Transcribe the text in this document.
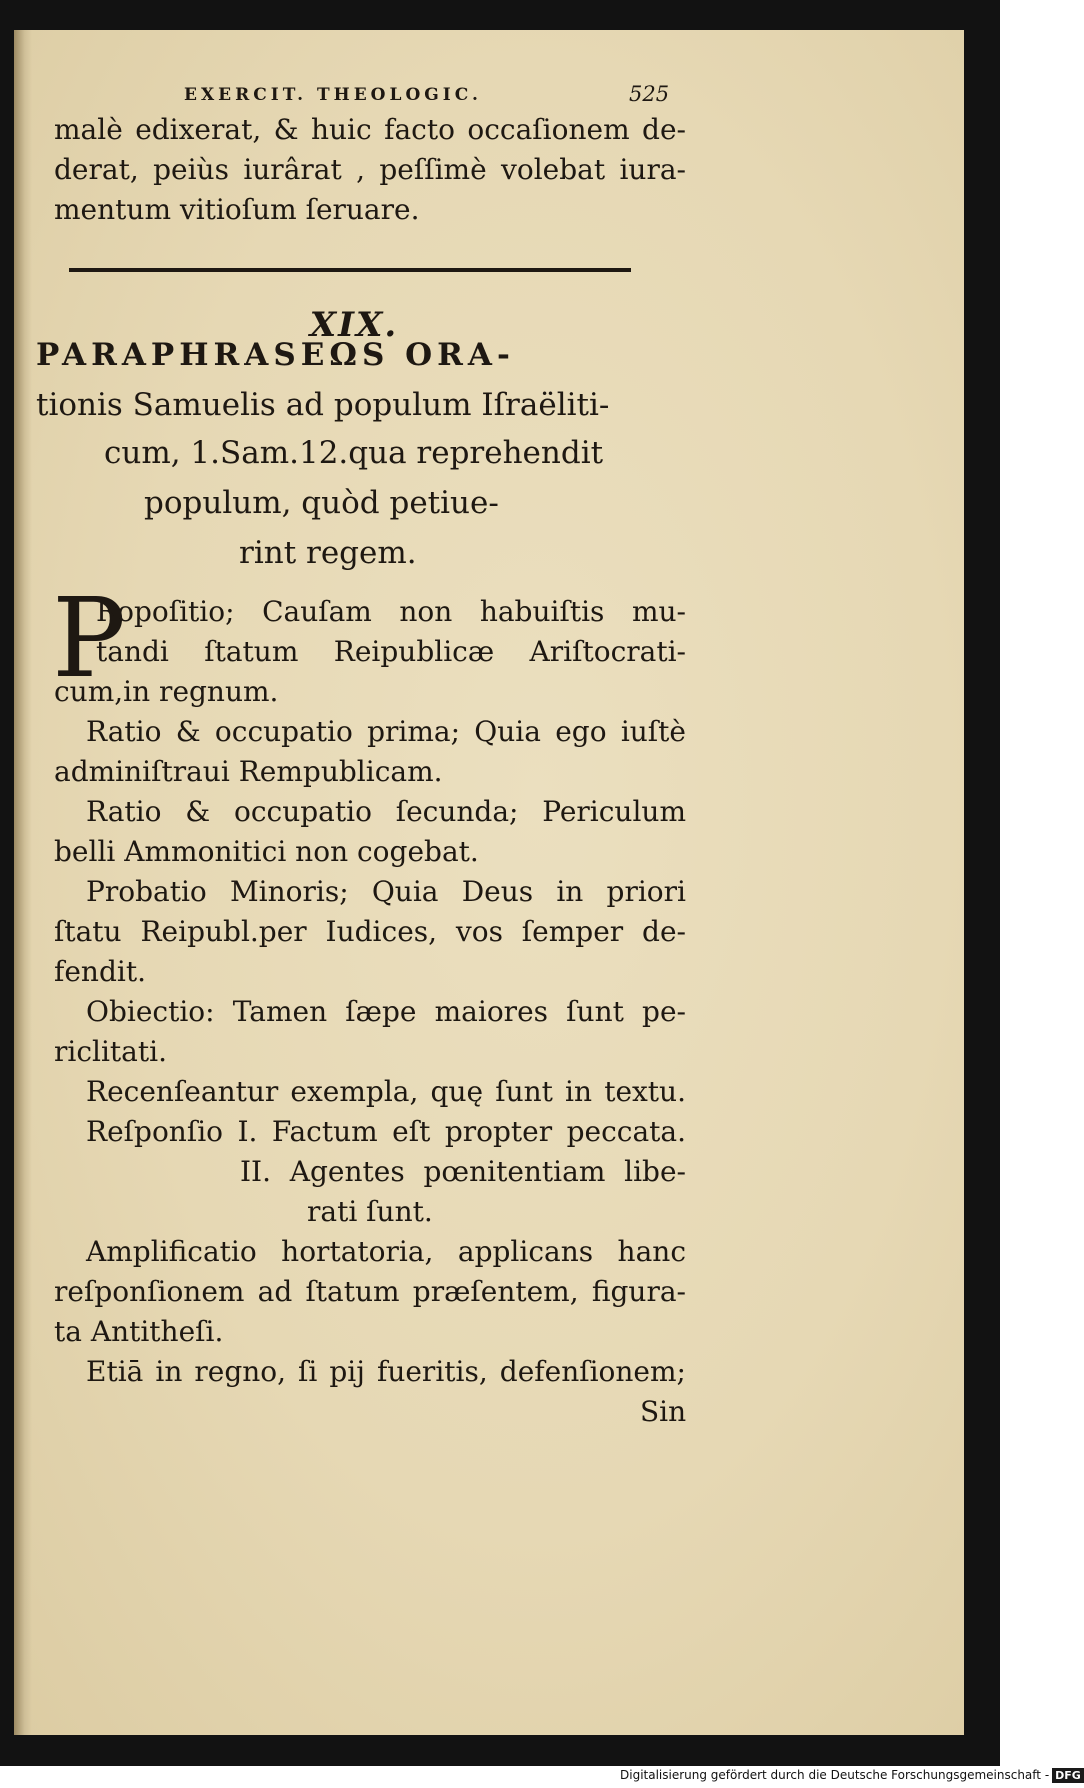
EXERCIT. THEOLOGIC.	525
malè edixerat, & huic facto occaſionem de-
derat, peiùs iurârat , peſſimè volebat iura-
mentum vitioſum ſeruare.
XIX.
PARAPHRASEΩS ORA-
tionis Samuelis ad populum Iſraëliti-
cum, 1.Sam.12.qua reprehendit
populum, quòd petiue-
rint regem.
P
Ropoſitio; Cauſam non habuiſtis mu-
tandi ſtatum Reipublicæ Ariſtocrati-
cum,in regnum.
Ratio & occupatio prima; Quia ego iuſtè
adminiſtraui Rempublicam.
Ratio & occupatio ſecunda; Periculum
belli Ammonitici non cogebat.
Probatio Minoris; Quia Deus in priori
ſtatu Reipubl.per Iudices, vos ſemper de-
fendit.
Obiectio: Tamen ſæpe maiores ſunt pe-
riclitati.
Recenſeantur exempla, quę ſunt in textu.
Reſponſio I. Factum eſt propter peccata.
II. Agentes pœnitentiam libe-
rati ſunt.
Amplificatio hortatoria, applicans hanc
reſponſionem ad ſtatum præſentem, figura-
ta Antitheſi.
Etiā in regno, ſi pij fueritis, defenſionem;
Sin
Digitalisierung gefördert durch die Deutsche Forschungsgemeinschaft - DFG
